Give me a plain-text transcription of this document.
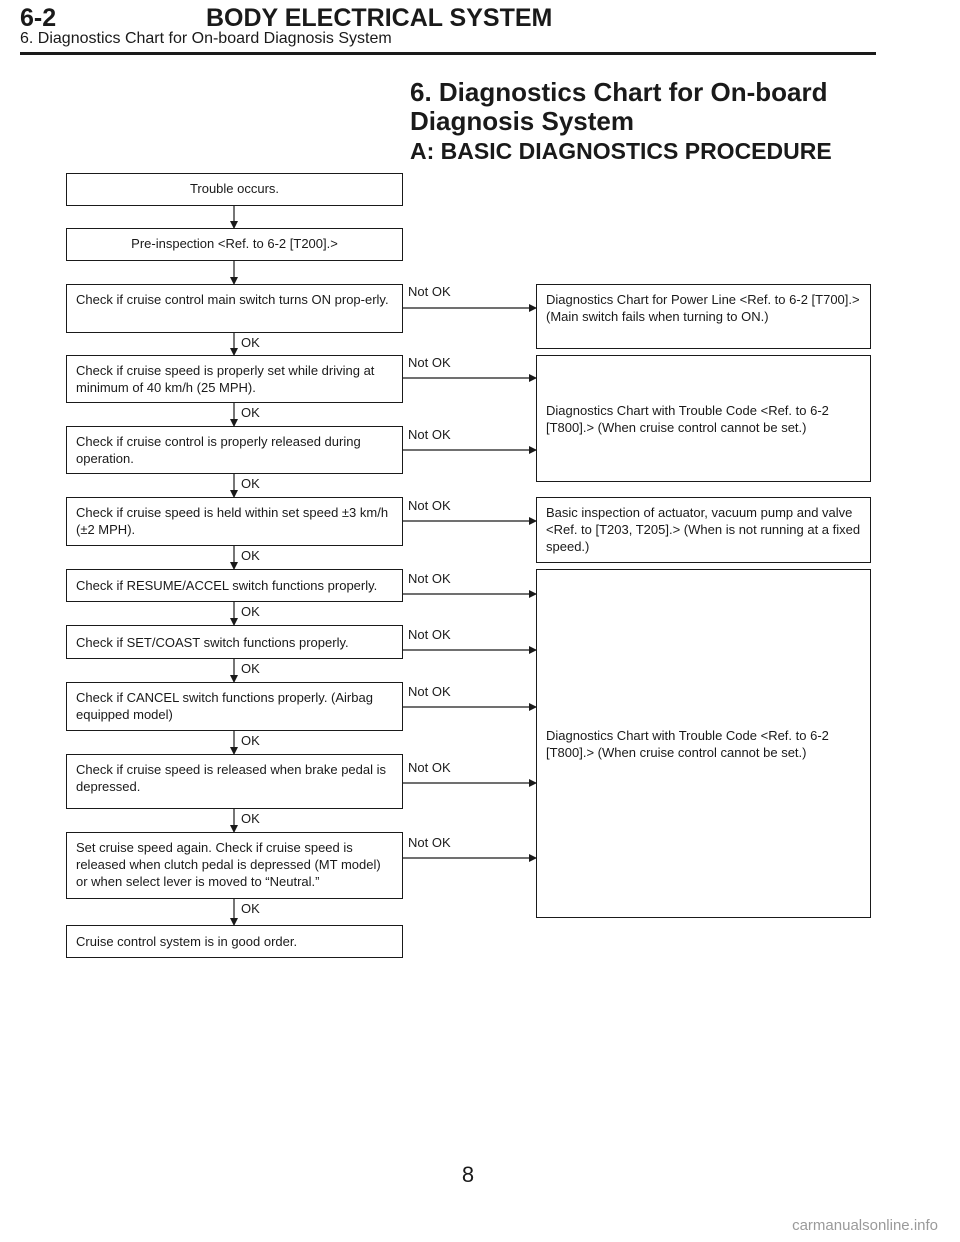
6-2	BODY ELECTRICAL SYSTEM
6. Diagnostics Chart for On-board Diagnosis System
6. Diagnostics Chart for On-board
Diagnosis System
A: BASIC DIAGNOSTICS PROCEDURE
Trouble occurs.
Pre-inspection <Ref. to 6-2 [T200].>
Check if cruise control main switch turns ON prop-erly.
Check if cruise speed is properly set while driving at minimum of 40 km/h (25 MPH).
Check if cruise control is properly released during operation.
Check if cruise speed is held within set speed ±3 km/h (±2 MPH).
Check if RESUME/ACCEL switch functions properly.
Check if SET/COAST switch functions properly.
Check if CANCEL switch functions properly. (Airbag equipped model)
Check if cruise speed is released when brake pedal is depressed.
Set cruise speed again. Check if cruise speed is released when clutch pedal is depressed (MT model) or when select lever is moved to “Neutral.”
Cruise control system is in good order.
OK
OK
OK
OK
OK
OK
OK
OK
OK
Not OK
Not OK
Not OK
Not OK
Not OK
Not OK
Not OK
Not OK
Not OK
Diagnostics Chart for Power Line <Ref. to 6-2 [T700].> (Main switch fails when turning to ON.)
Diagnostics Chart with Trouble Code <Ref. to 6-2 [T800].> (When cruise control cannot be set.)
Basic inspection of actuator, vacuum pump and valve <Ref. to [T203, T205].> (When is not running at a fixed speed.)
Diagnostics Chart with Trouble Code <Ref. to 6-2 [T800].> (When cruise control cannot be set.)
8
carmanualsonline.info
